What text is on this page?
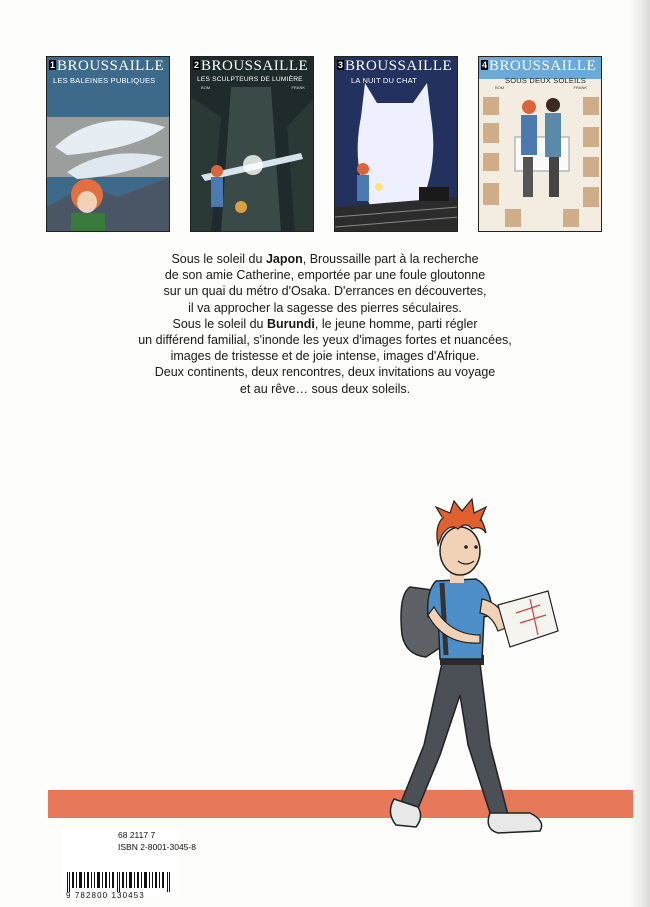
1 BROUSSAILLE
LES BALEINES PUBLIQUES
2 BROUSSAILLE
LES SCULPTEURS DE LUMIÈRE
BOM	FRANK
3 BROUSSAILLE
LA NUIT DU CHAT
4 BROUSSAILLE
SOUS DEUX SOLEILS
BOM	FRANK

Sous le soleil du Japon, Broussaille part à la recherche

de son amie Catherine, emportée par une foule gloutonne

sur un quai du métro d'Osaka. D'errances en découvertes,

il va approcher la sagesse des pierres séculaires.

Sous le soleil du Burundi, le jeune homme, parti régler

un différend familial, s'inonde les yeux d'images fortes et nuancées,

images de tristesse et de joie intense, images d'Afrique.

Deux continents, deux rencontres, deux invitations au voyage

et au rêve… sous deux soleils.

68 2117 7
ISBN 2-8001-3045-8
9 782800 130453
